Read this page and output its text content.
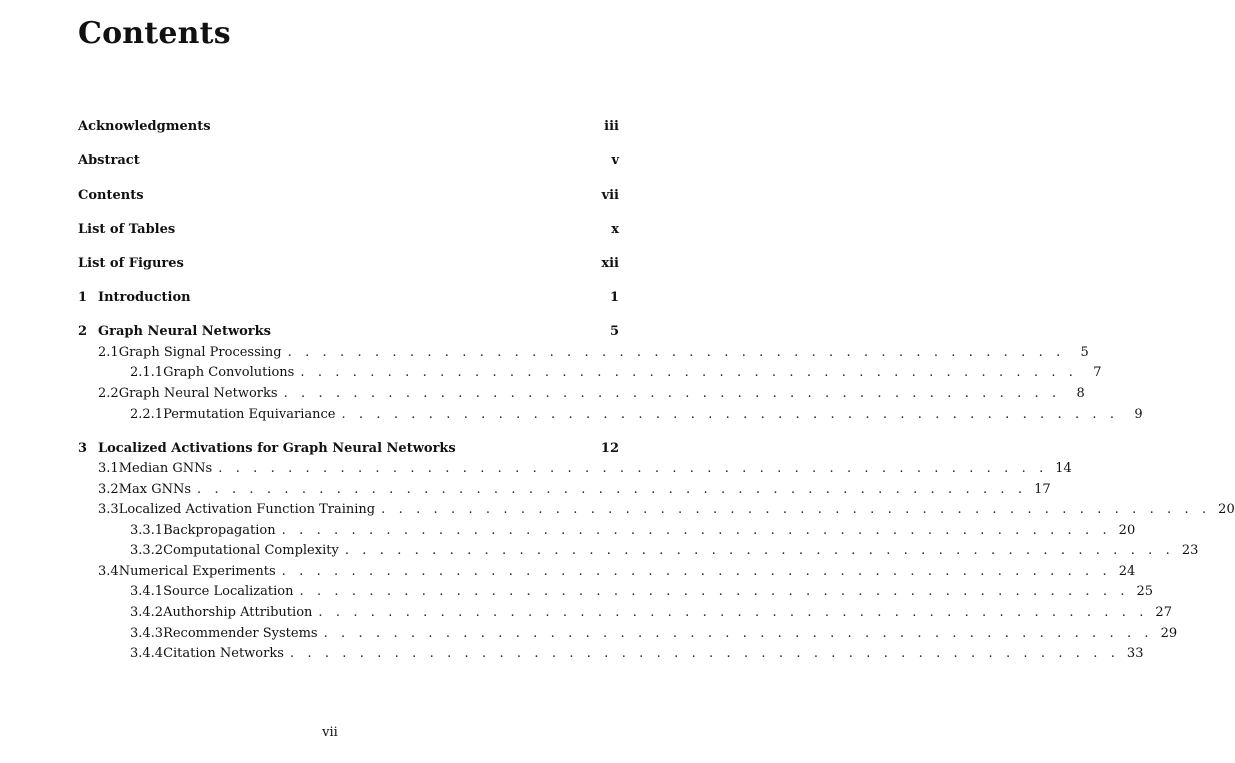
Contents
Acknowledgments	iii
Abstract	v
Contents	vii
List of Tables	x
List of Figures	xii
1 Introduction	1
2 Graph Neural Networks	5
2.1 Graph Signal Processing . . . . . . . . . . . . . . . . . . . . . . . . . . . . . . . . . . . . . . . . . . . . .	5
2.1.1 Graph Convolutions . . . . . . . . . . . . . . . . . . . . . . . . . . . . . . . . . . . . . . . . . . . . .	7
2.2 Graph Neural Networks . . . . . . . . . . . . . . . . . . . . . . . . . . . . . . . . . . . . . . . . . . . . .	8
2.2.1 Permutation Equivariance . . . . . . . . . . . . . . . . . . . . . . . . . . . . . . . . . . . . . . . . . . . . .	9
3 Localized Activations for Graph Neural Networks	12
3.1 Median GNNs . . . . . . . . . . . . . . . . . . . . . . . . . . . . . . . . . . . . . . . . . . . . . . . . 14
3.2 Max GNNs . . . . . . . . . . . . . . . . . . . . . . . . . . . . . . . . . . . . . . . . . . . . . . . . 17
3.3 Localized Activation Function Training . . . . . . . . . . . . . . . . . . . . . . . . . . . . . . . . . . . . . . . . . . . . . . . . 20
3.3.1 Backpropagation . . . . . . . . . . . . . . . . . . . . . . . . . . . . . . . . . . . . . . . . . . . . . . . . 20
3.3.2 Computational Complexity . . . . . . . . . . . . . . . . . . . . . . . . . . . . . . . . . . . . . . . . . . . . . . . . 23
3.4 Numerical Experiments . . . . . . . . . . . . . . . . . . . . . . . . . . . . . . . . . . . . . . . . . . . . . . . . 24
3.4.1 Source Localization . . . . . . . . . . . . . . . . . . . . . . . . . . . . . . . . . . . . . . . . . . . . . . . . 25
3.4.2 Authorship Attribution . . . . . . . . . . . . . . . . . . . . . . . . . . . . . . . . . . . . . . . . . . . . . . . . 27
3.4.3 Recommender Systems . . . . . . . . . . . . . . . . . . . . . . . . . . . . . . . . . . . . . . . . . . . . . . . . 29
3.4.4 Citation Networks . . . . . . . . . . . . . . . . . . . . . . . . . . . . . . . . . . . . . . . . . . . . . . . . 33
vii
